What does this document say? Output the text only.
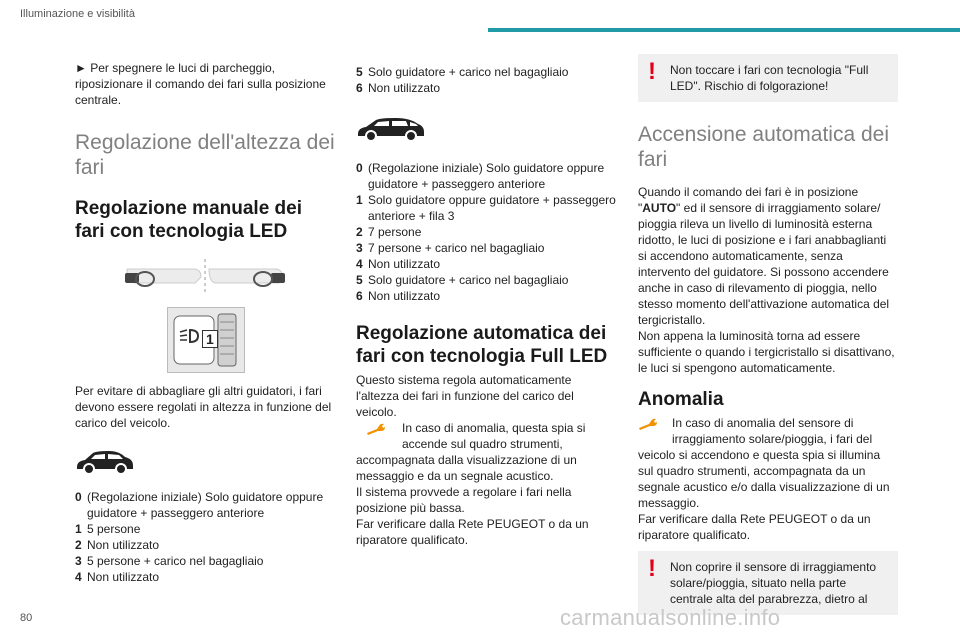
Illuminazione e visibilità

► Per spegnere le luci di parcheggio, riposizionare il comando dei fari sulla posizione centrale.

Regolazione dell'altezza dei fari
Regolazione manuale dei fari con tecnologia LED
1

Per evitare di abbagliare gli altri guidatori, i fari devono essere regolati in altezza in funzione del carico del veicolo.

0 (Regolazione iniziale) Solo guidatore oppure guidatore + passeggero anteriore

1 5 persone

2 Non utilizzato

3 5 persone + carico nel bagagliaio

4 Non utilizzato

5 Solo guidatore + carico nel bagagliaio

6 Non utilizzato

0 (Regolazione iniziale) Solo guidatore oppure guidatore + passeggero anteriore

1 Solo guidatore oppure guidatore + passeggero anteriore + fila 3

2 7 persone

3 7 persone + carico nel bagagliaio

4 Non utilizzato

5 Solo guidatore + carico nel bagagliaio

6 Non utilizzato

Regolazione automatica dei fari con tecnologia Full LED

Questo sistema regola automaticamente l'altezza dei fari in funzione del carico del veicolo.

In caso di anomalia, questa spia si accende sul quadro strumenti, accompagnata dalla visualizzazione di un messaggio e da un segnale acustico.

Il sistema provvede a regolare i fari nella posizione più bassa.

Far verificare dalla Rete PEUGEOT o da un riparatore qualificato.

! Non toccare i fari con tecnologia "Full LED". Rischio di folgorazione!
Accensione automatica dei fari

Quando il comando dei fari è in posizione "AUTO" ed il sensore di irraggiamento solare/ pioggia rileva un livello di luminosità esterna ridotto, le luci di posizione e i fari anabbaglianti si accendono automaticamente, senza intervento del guidatore. Si possono accendere anche in caso di rilevamento di pioggia, nello stesso momento dell'attivazione automatica del tergicristallo.

Non appena la luminosità torna ad essere sufficiente o quando i tergicristallo si disattivano, le luci si spengono automaticamente.

Anomalia

In caso di anomalia del sensore di irraggiamento solare/pioggia, i fari del veicolo si accendono e questa spia si illumina sul quadro strumenti, accompagnata da un segnale acustico e/o dalla visualizzazione di un messaggio.

Far verificare dalla Rete PEUGEOT o da un riparatore qualificato.

! Non coprire il sensore di irraggiamento solare/pioggia, situato nella parte centrale alta del parabrezza, dietro al
80	carmanualsonline.info
